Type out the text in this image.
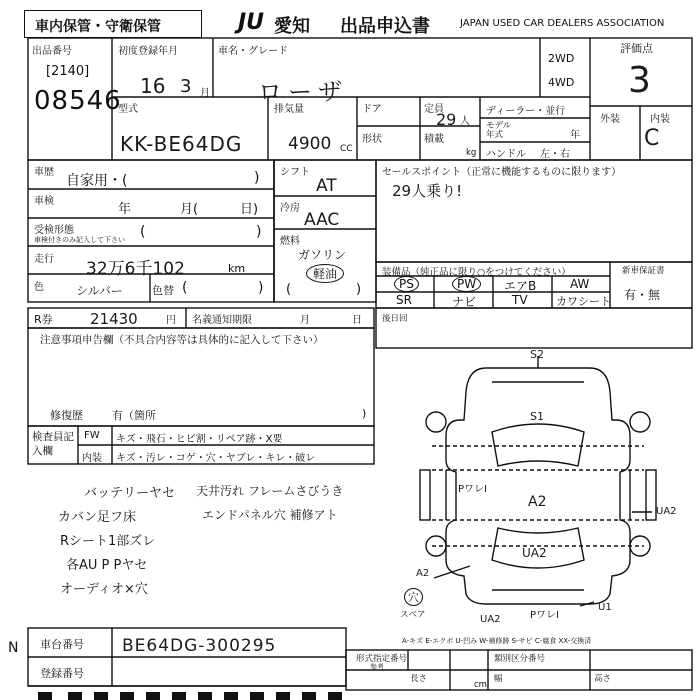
車内保管・守衛保管	JU 愛知 出品申込書	JAPAN USED CAR DEALERS ASSOCIATION
出品番号
[2140]
08546
初度登録年月
16 3 月
車名・グレード
ローザ
2WD
4WD
評価点
3
外装	内装
C
型式
KK-BE64DG
排気量
4900 CC
ドア	定員
29 人
形状	積載
kg
ディーラー・並行
モデル 年式	年
ハンドル 左・右
車歴
自家用・(	)
車検
年	月(	日)
受検形態
車検付きのみ記入して下さい (	)
走行 32万6千102	km
色	シルバー	色替 (	)
シフト
AT
冷房
AAC
燃料
ガソリン
軽油
(	)
セールスポイント（正常に機能するものに限ります）
29人乗り!
装備品（純正品に限り○をつけてください）
PS	PW	エアB	AW
SR	ナビ	TV	カワシート
新車保証書
有・無
R券 21430	円 名義通知期限	月	日 後日回
注意事項申告欄（不具合内容等は具体的に記入して下さい）
修復歴	有（箇所	)
検査員記入欄
FW キズ・飛石・ヒビ割・リペア跡・X要
内装 キズ・汚レ・コゲ・穴・ヤブレ・キレ・破レ
バッテリーヤセ
カバン足フ床
Rシート1部ズレ
各AU P Pヤセ
オーディオ×穴
天井汚れ フレームさびうき
エンドパネル穴 補修アト
S2
S1
PワレI
A2
UA2
A2
UA2
UA2	PワレI
U1
穴
スペア
A-キズ E-エクボ U-凹み W-補修跡 S-サビ C-腐食 XX-交換済
N 車台番号 BE64DG-300295
登録番号
形式指定番号	類別区分番号
参考
長さ	幅	高さ
cm
